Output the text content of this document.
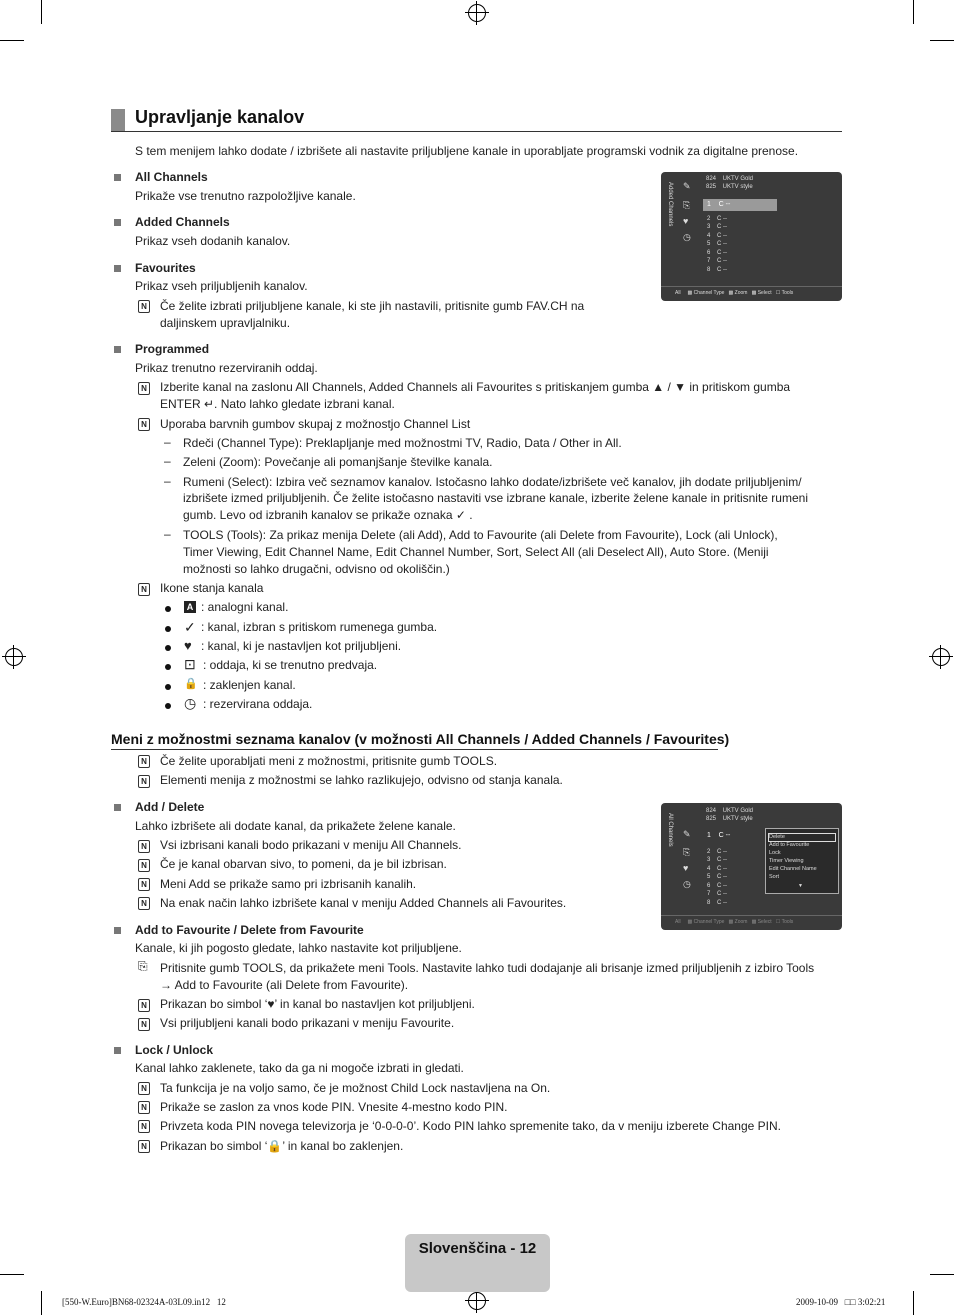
Upravljanje kanalov
S tem menijem lahko dodate / izbrišete ali nastavite priljubljene kanale in uporabljate programski vodnik za digitalne prenose.
All Channels
Prikaže vse trenutno razpoložljive kanale.
Added Channels
Prikaz vseh dodanih kanalov.
Favourites
Prikaz vseh priljubljenih kanalov.
N Če želite izbrati priljubljene kanale, ki ste jih nastavili, pritisnite gumb FAV.CH na
daljinskem upravljalniku.
Added Channels ✎
⎘
♥
◷
824    UKTV Gold
825    UKTV style
1    C --
2    C --
3    C --
4    C --
5    C --
6    C --
7    C --
8    C --
All     ▩ Channel Type   ▩ Zoom   ▩ Select   ☐ Tools
Programmed
Prikaz trenutno rezerviranih oddaj.
N Izberite kanal na zaslonu All Channels, Added Channels ali Favourites s pritiskanjem gumba ▲ / ▼ in pritiskom gumba
ENTER ↵. Nato lahko gledate izbrani kanal.
N Uporaba barvnih gumbov skupaj z možnostjo Channel List
– Rdeči (Channel Type): Preklapljanje med možnostmi TV, Radio, Data / Other in All.
– Zeleni (Zoom): Povečanje ali pomanjšanje številke kanala.
– Rumeni (Select): Izbira več seznamov kanalov. Istočasno lahko dodate/izbrišete več kanalov, jih dodate priljubljenim/
izbrišete izmed priljubljenih. Če želite istočasno nastaviti vse izbrane kanale, izberite želene kanale in pritisnite rumeni
gumb. Levo od izbranih kanalov se prikaže oznaka ✓ .
– TOOLS (Tools): Za prikaz menija Delete (ali Add), Add to Favourite (ali Delete from Favourite), Lock (ali Unlock),
Timer Viewing, Edit Channel Name, Edit Channel Number, Sort, Select All (ali Deselect All), Auto Store. (Meniji
možnosti so lahko drugačni, odvisno od okoliščin.)
N Ikone stanja kanala
A : analogni kanal.
✓ : kanal, izbran s pritiskom rumenega gumba.
♥ : kanal, ki je nastavljen kot priljubljeni.
⊡ : oddaja, ki se trenutno predvaja.
🔒 : zaklenjen kanal.
◷ : rezervirana oddaja.
Meni z možnostmi seznama kanalov (v možnosti All Channels / Added Channels / Favourites)
N Če želite uporabljati meni z možnostmi, pritisnite gumb TOOLS.
N Elementi menija z možnostmi se lahko razlikujejo, odvisno od stanja kanala.
Add / Delete
Lahko izbrišete ali dodate kanal, da prikažete želene kanale.
N Vsi izbrisani kanali bodo prikazani v meniju All Channels.
N Če je kanal obarvan sivo, to pomeni, da je bil izbrisan.
N Meni Add se prikaže samo pri izbrisanih kanalih.
N Na enak način lahko izbrišete kanal v meniju Added Channels ali Favourites.
All Channels ✎
⎘
♥
◷
824    UKTV Gold
825    UKTV style
1    C --
2    C --
3    C --
4    C --
5    C --
6    C --
7    C --
8    C --
Delete
Add to Favourite
Lock
Timer Viewing
Edit Channel Name
Sort
▼
All     ▩ Channel Type   ▩ Zoom   ▩ Select   ☐ Tools
Add to Favourite / Delete from Favourite
Kanale, ki jih pogosto gledate, lahko nastavite kot priljubljene.
⎘ Pritisnite gumb TOOLS, da prikažete meni Tools. Nastavite lahko tudi dodajanje ali brisanje izmed priljubljenih z izbiro Tools
→ Add to Favourite (ali Delete from Favourite).
N Prikazan bo simbol ‘♥’ in kanal bo nastavljen kot priljubljeni.
N Vsi priljubljeni kanali bodo prikazani v meniju Favourite.
Lock / Unlock
Kanal lahko zaklenete, tako da ga ni mogoče izbrati in gledati.
N Ta funkcija je na voljo samo, če je možnost Child Lock nastavljena na On.
N Prikaže se zaslon za vnos kode PIN. Vnesite 4-mestno kodo PIN.
N Privzeta koda PIN novega televizorja je ‘0-0-0-0’. Kodo PIN lahko spremenite tako, da v meniju izberete Change PIN.
N Prikazan bo simbol ‘🔒’ in kanal bo zaklenjen.
Slovenščina - 12
[550-W.Euro]BN68-02324A-03L09.in12   12	2009-10-09   □□ 3:02:21
